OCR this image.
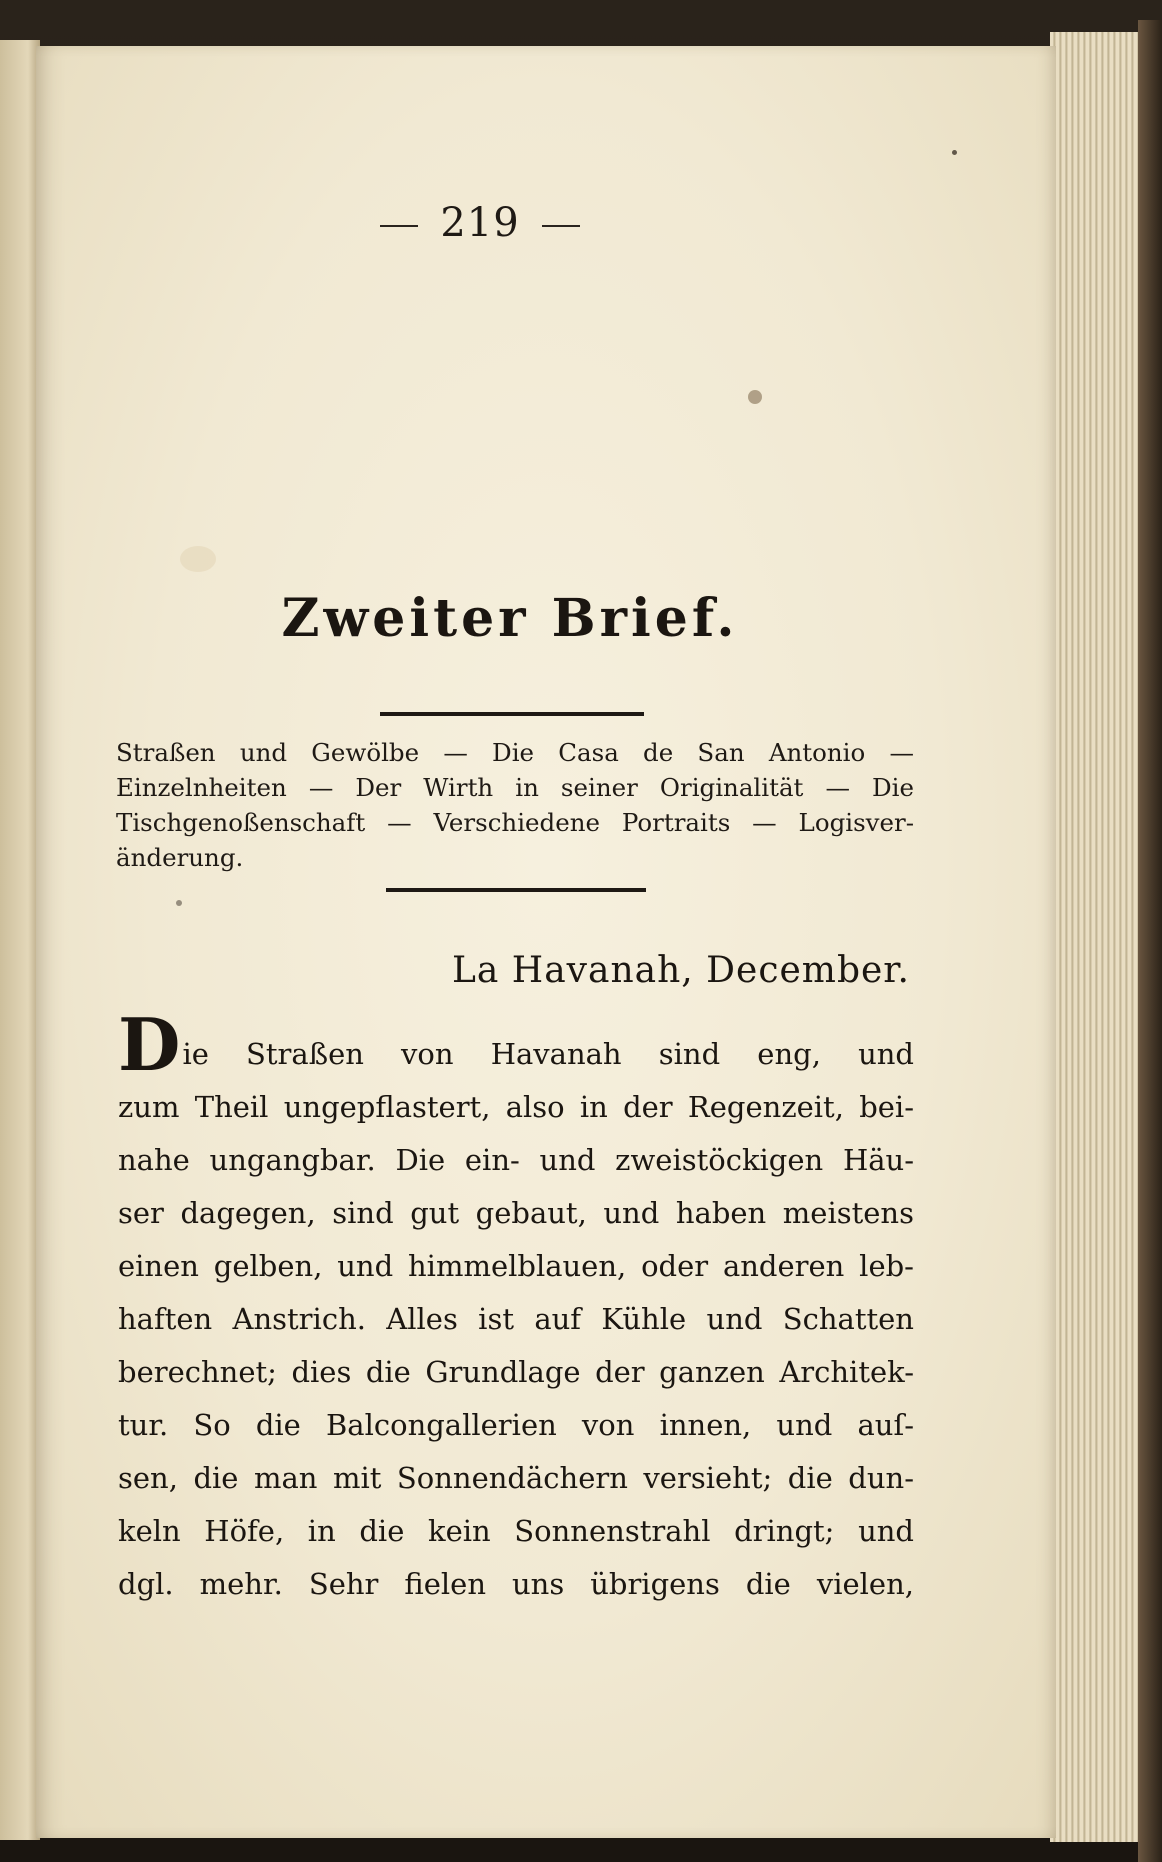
219
Zweiter Brief.
Straßen und Gewölbe — Die Casa de San Antonio —
Einzelnheiten — Der Wirth in seiner Originalität — Die
Tischgenoßenschaft — Verschiedene Portraits — Logisver-
änderung.
La Havanah, December.
Die Straßen von Havanah sind eng, und
zum Theil ungepflastert, also in der Regenzeit, bei-
nahe ungangbar. Die ein- und zweistöckigen Häu-
ser dagegen, sind gut gebaut, und haben meistens
einen gelben, und himmelblauen, oder anderen leb-
haften Anstrich. Alles ist auf Kühle und Schatten
berechnet; dies die Grundlage der ganzen Architek-
tur. So die Balcongallerien von innen, und auſ-
sen, die man mit Sonnendächern versieht; die dun-
keln Höfe, in die kein Sonnenstrahl dringt; und
dgl. mehr. Sehr fielen uns übrigens die vielen,
